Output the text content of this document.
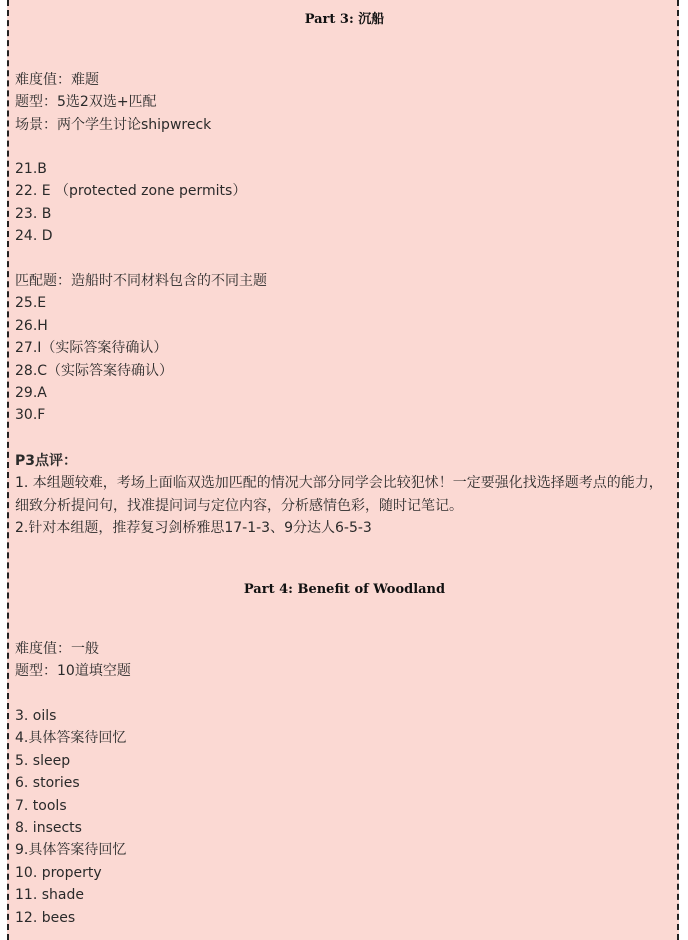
Part 3: 沉船
难度值：难题
题型：5选2双选+匹配
场景：两个学生讨论shipwreck
21.B
22. E （protected zone permits）
23. B
24. D
匹配题：造船时不同材料包含的不同主题
25.E
26.H
27.I（实际答案待确认）
28.C（实际答案待确认）
29.A
30.F
P3点评：
1. 本组题较难，考场上面临双选加匹配的情况大部分同学会比较犯怵！一定要强化找选择题考点的能力，细致分析提问句，找准提问词与定位内容，分析感情色彩，随时记笔记。
2.针对本组题，推荐复习剑桥雅思17-1-3、9分达人6-5-3
Part 4: Benefit of Woodland
难度值：一般
题型：10道填空题
3. oils
4.具体答案待回忆
5. sleep
6. stories
7. tools
8. insects
9.具体答案待回忆
10. property
11. shade
12. bees
